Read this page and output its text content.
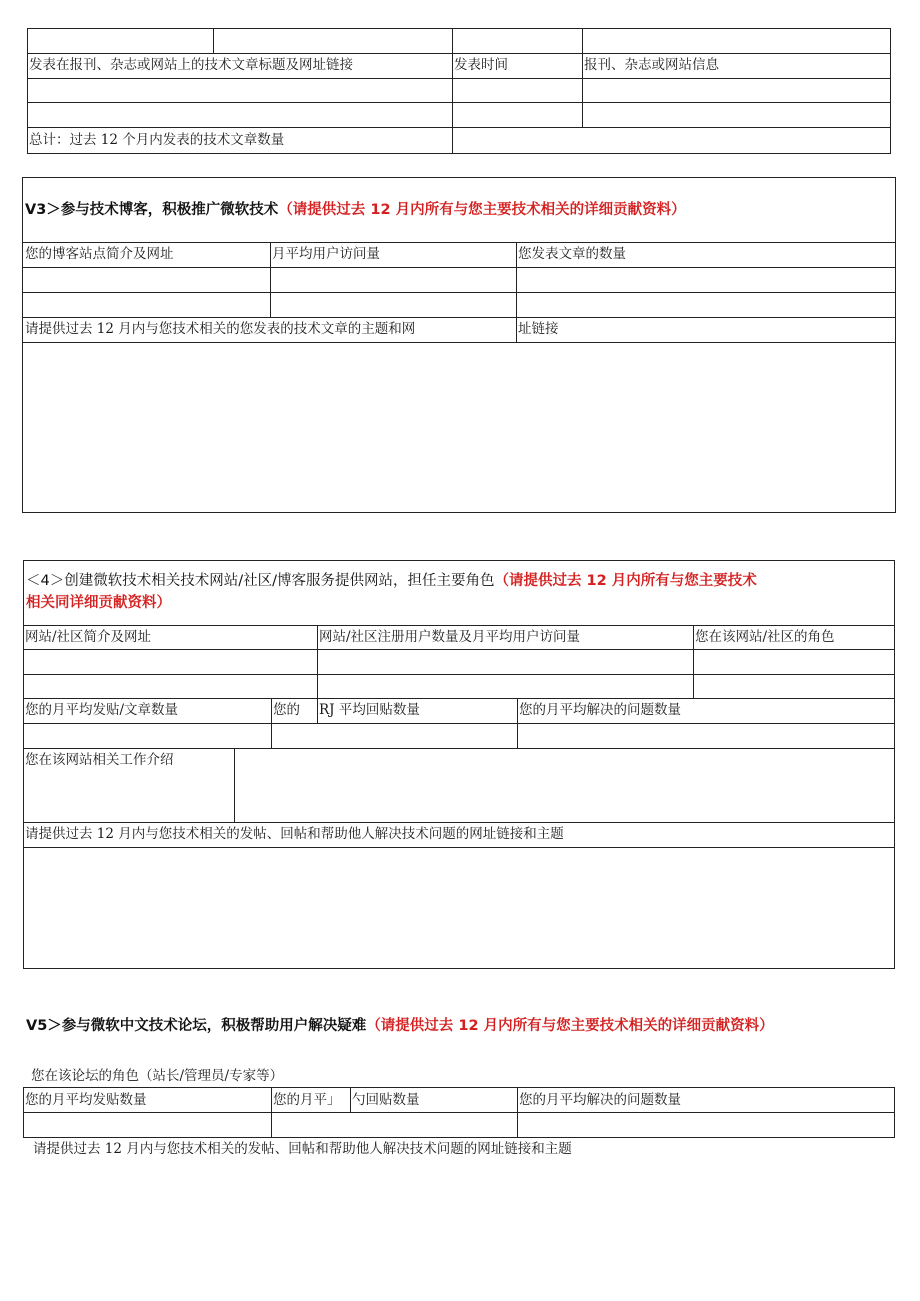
发表在报刊、杂志或网站上的技术文章标题及网址链接	发表时间	报刊、杂志或网站信息
总计：过去 12 个月内发表的技术文章数量
V3＞参与技术博客，积极推广微软技术（请提供过去 12 月内所有与您主要技术相关的详细贡献资料）
您的博客站点简介及网址	月平均用户访问量	您发表文章的数量
请提供过去 12 月内与您技术相关的您发表的技术文章的主题和网	址链接
＜4＞创建微软技术相关技术网站/社区/博客服务提供网站，担任主要角色（请提供过去 12 月内所有与您主要技术
相关同详细贡献资料）
网站/社区简介及网址	网站/社区注册用户数量及月平均用户访问量	您在该网站/社区的角色
您的月平均发贴/文章数量	您的 RJ 平均回贴数量	您的月平均解决的问题数量
您在该网站相关工作介绍
请提供过去 12 月内与您技术相关的发帖、回帖和帮助他人解决技术问题的网址链接和主题
V5＞参与微软中文技术论坛，积极帮助用户解决疑难（请提供过去 12 月内所有与您主要技术相关的详细贡献资料）
您在该论坛的角色（站长/管理员/专家等）
您的月平均发贴数量	您的月平」 勺回贴数量	您的月平均解决的问题数量
请提供过去 12 月内与您技术相关的发帖、回帖和帮助他人解决技术问题的网址链接和主题
